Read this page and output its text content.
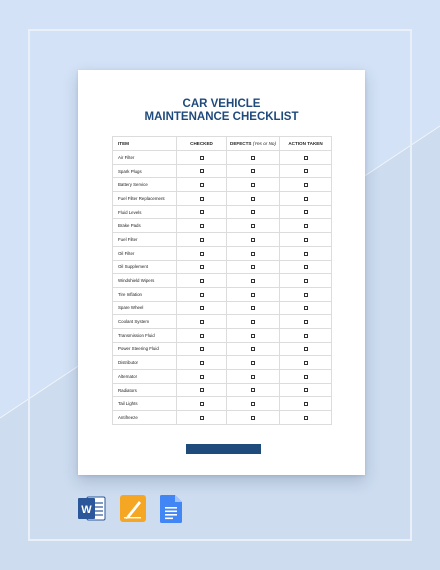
CAR VEHICLE
MAINTENANCE CHECKLIST
ITEM	CHECKED	DEFECTS (Yes or No)	ACTION TAKEN
Air Filter			
Spark Plugs			
Battery Service			
Fuel Filter Replacement			
Fluid Levels			
Brake Pads			
Fuel Filter			
Oil Filter			
Oil Supplement			
Windshield Wipers			
Tire Inflation			
Spare Wheel			
Coolant System			
Transmission Fluid			
Power Steering Fluid			
Distributor			
Alternator			
Radiators			
Tail Lights			
Antifreeze			
W
